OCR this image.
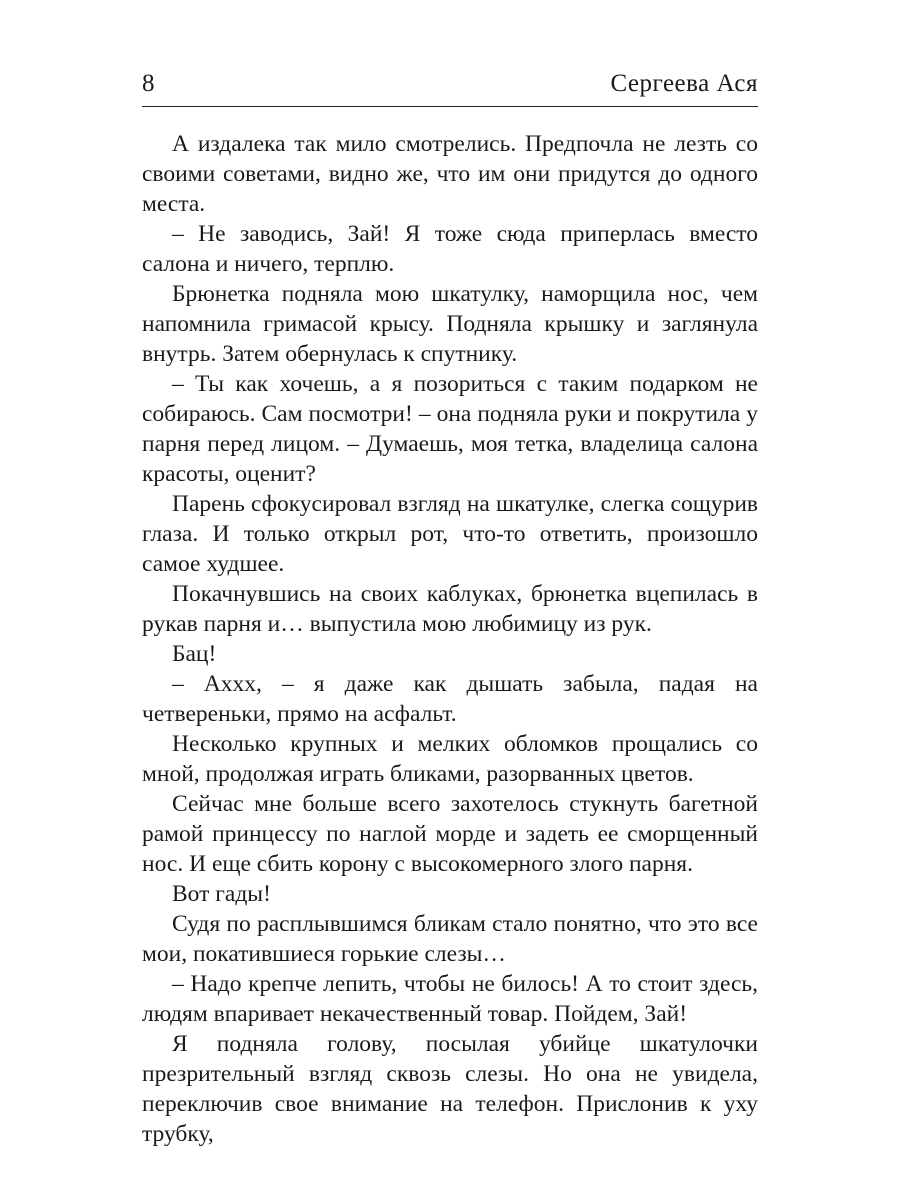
8	Сергеева Ася

А издалека так мило смотрелись. Предпочла не лезть со своими советами, видно же, что им они придутся до одного места.

– Не заводись, Зай! Я тоже сюда приперлась вместо салона и ничего, терплю.

Брюнетка подняла мою шкатулку, наморщила нос, чем напомнила гримасой крысу. Подняла крышку и заглянула внутрь. Затем обернулась к спутнику.

– Ты как хочешь, а я позориться с таким подарком не собираюсь. Сам посмотри! – она подняла руки и покрутила у парня перед лицом. – Думаешь, моя тетка, владелица салона красоты, оценит?

Парень сфокусировал взгляд на шкатулке, слегка сощурив глаза. И только открыл рот, что-то ответить, произошло самое худшее.

Покачнувшись на своих каблуках, брюнетка вцепилась в рукав парня и… выпустила мою любимицу из рук.

Бац!

– Аххх, – я даже как дышать забыла, падая на четвереньки, прямо на асфальт.

Несколько крупных и мелких обломков прощались со мной, продолжая играть бликами, разорванных цветов.

Сейчас мне больше всего захотелось стукнуть багетной рамой принцессу по наглой морде и задеть ее сморщенный нос. И еще сбить корону с высокомерного злого парня.

Вот гады!

Судя по расплывшимся бликам стало понятно, что это все мои, покатившиеся горькие слезы…

– Надо крепче лепить, чтобы не билось! А то стоит здесь, людям впаривает некачественный товар. Пойдем, Зай!

Я подняла голову, посылая убийце шкатулочки презрительный взгляд сквозь слезы. Но она не увидела, переключив свое внимание на телефон. Прислонив к уху трубку,
